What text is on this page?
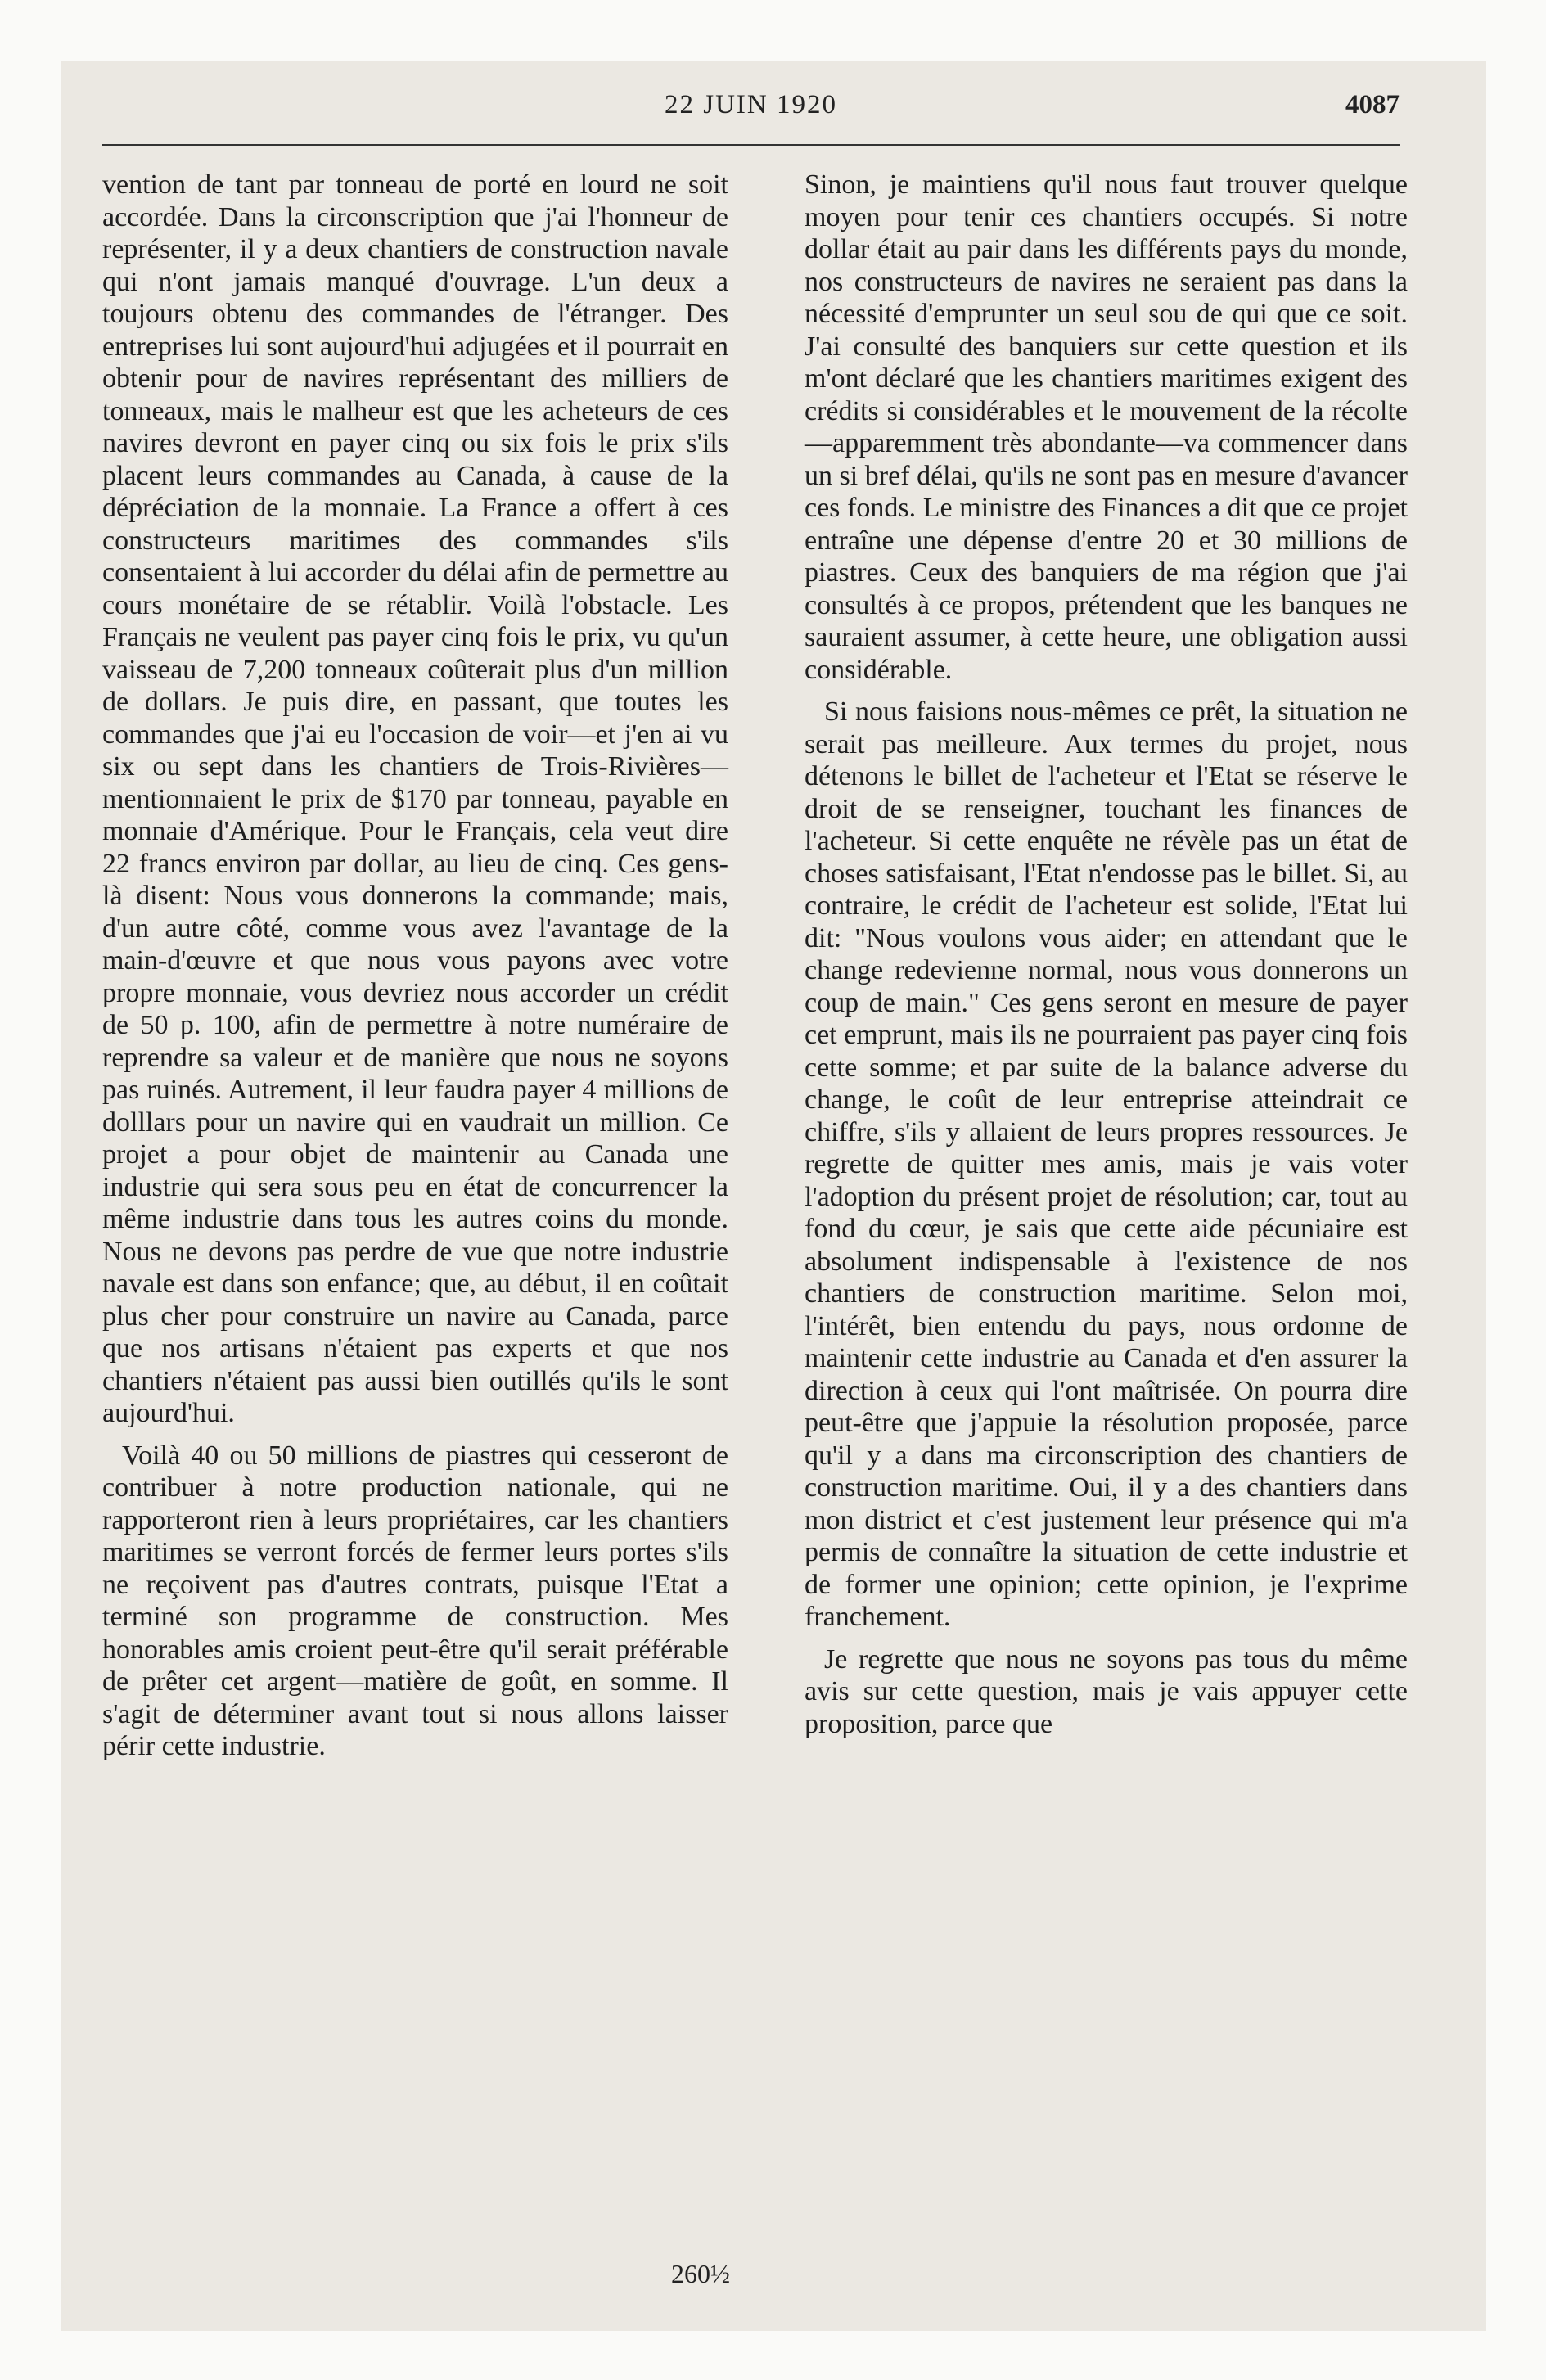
22 JUIN 1920	4087

vention de tant par tonneau de porté en lourd ne soit accordée. Dans la circonscription que j'ai l'honneur de représenter, il y a deux chantiers de construction navale qui n'ont jamais manqué d'ouvrage. L'un deux a toujours obtenu des commandes de l'étranger. Des entreprises lui sont aujourd'hui adjugées et il pourrait en obtenir pour de navires représentant des milliers de tonneaux, mais le malheur est que les acheteurs de ces navires devront en payer cinq ou six fois le prix s'ils placent leurs commandes au Canada, à cause de la dépréciation de la monnaie. La France a offert à ces constructeurs maritimes des commandes s'ils consentaient à lui accorder du délai afin de permettre au cours monétaire de se rétablir. Voilà l'obstacle. Les Français ne veulent pas payer cinq fois le prix, vu qu'un vaisseau de 7,200 tonneaux coûterait plus d'un million de dollars. Je puis dire, en passant, que toutes les commandes que j'ai eu l'occasion de voir—et j'en ai vu six ou sept dans les chantiers de Trois-Rivières—mentionnaient le prix de $170 par tonneau, payable en monnaie d'Amérique. Pour le Français, cela veut dire 22 francs environ par dollar, au lieu de cinq. Ces gens-là disent: Nous vous donnerons la commande; mais, d'un autre côté, comme vous avez l'avantage de la main-d'œuvre et que nous vous payons avec votre propre monnaie, vous devriez nous accorder un crédit de 50 p. 100, afin de permettre à notre numéraire de reprendre sa valeur et de manière que nous ne soyons pas ruinés. Autrement, il leur faudra payer 4 millions de dolllars pour un navire qui en vaudrait un million. Ce projet a pour objet de maintenir au Canada une industrie qui sera sous peu en état de concurrencer la même industrie dans tous les autres coins du monde. Nous ne devons pas perdre de vue que notre industrie navale est dans son enfance; que, au début, il en coûtait plus cher pour construire un navire au Canada, parce que nos artisans n'étaient pas experts et que nos chantiers n'étaient pas aussi bien outillés qu'ils le sont aujourd'hui.

Voilà 40 ou 50 millions de piastres qui cesseront de contribuer à notre production nationale, qui ne rapporteront rien à leurs propriétaires, car les chantiers maritimes se verront forcés de fermer leurs portes s'ils ne reçoivent pas d'autres contrats, puisque l'Etat a terminé son programme de construction. Mes honorables amis croient peut-être qu'il serait préférable de prêter cet argent—matière de goût, en somme. Il s'agit de déterminer avant tout si nous allons laisser périr cette industrie.

Sinon, je maintiens qu'il nous faut trouver quelque moyen pour tenir ces chantiers occupés. Si notre dollar était au pair dans les différents pays du monde, nos constructeurs de navires ne seraient pas dans la nécessité d'emprunter un seul sou de qui que ce soit. J'ai consulté des banquiers sur cette question et ils m'ont déclaré que les chantiers maritimes exigent des crédits si considérables et le mouvement de la récolte—apparemment très abondante—va commencer dans un si bref délai, qu'ils ne sont pas en mesure d'avancer ces fonds. Le ministre des Finances a dit que ce projet entraîne une dépense d'entre 20 et 30 millions de piastres. Ceux des banquiers de ma région que j'ai consultés à ce propos, prétendent que les banques ne sauraient assumer, à cette heure, une obligation aussi considérable.

Si nous faisions nous-mêmes ce prêt, la situation ne serait pas meilleure. Aux termes du projet, nous détenons le billet de l'acheteur et l'Etat se réserve le droit de se renseigner, touchant les finances de l'acheteur. Si cette enquête ne révèle pas un état de choses satisfaisant, l'Etat n'endosse pas le billet. Si, au contraire, le crédit de l'acheteur est solide, l'Etat lui dit: "Nous voulons vous aider; en attendant que le change redevienne normal, nous vous donnerons un coup de main." Ces gens seront en mesure de payer cet emprunt, mais ils ne pourraient pas payer cinq fois cette somme; et par suite de la balance adverse du change, le coût de leur entreprise atteindrait ce chiffre, s'ils y allaient de leurs propres ressources. Je regrette de quitter mes amis, mais je vais voter l'adoption du présent projet de résolution; car, tout au fond du cœur, je sais que cette aide pécuniaire est absolument indispensable à l'existence de nos chantiers de construction maritime. Selon moi, l'intérêt, bien entendu du pays, nous ordonne de maintenir cette industrie au Canada et d'en assurer la direction à ceux qui l'ont maîtrisée. On pourra dire peut-être que j'appuie la résolution proposée, parce qu'il y a dans ma circonscription des chantiers de construction maritime. Oui, il y a des chantiers dans mon district et c'est justement leur présence qui m'a permis de connaître la situation de cette industrie et de former une opinion; cette opinion, je l'exprime franchement.

Je regrette que nous ne soyons pas tous du même avis sur cette question, mais je vais appuyer cette proposition, parce que

260½
